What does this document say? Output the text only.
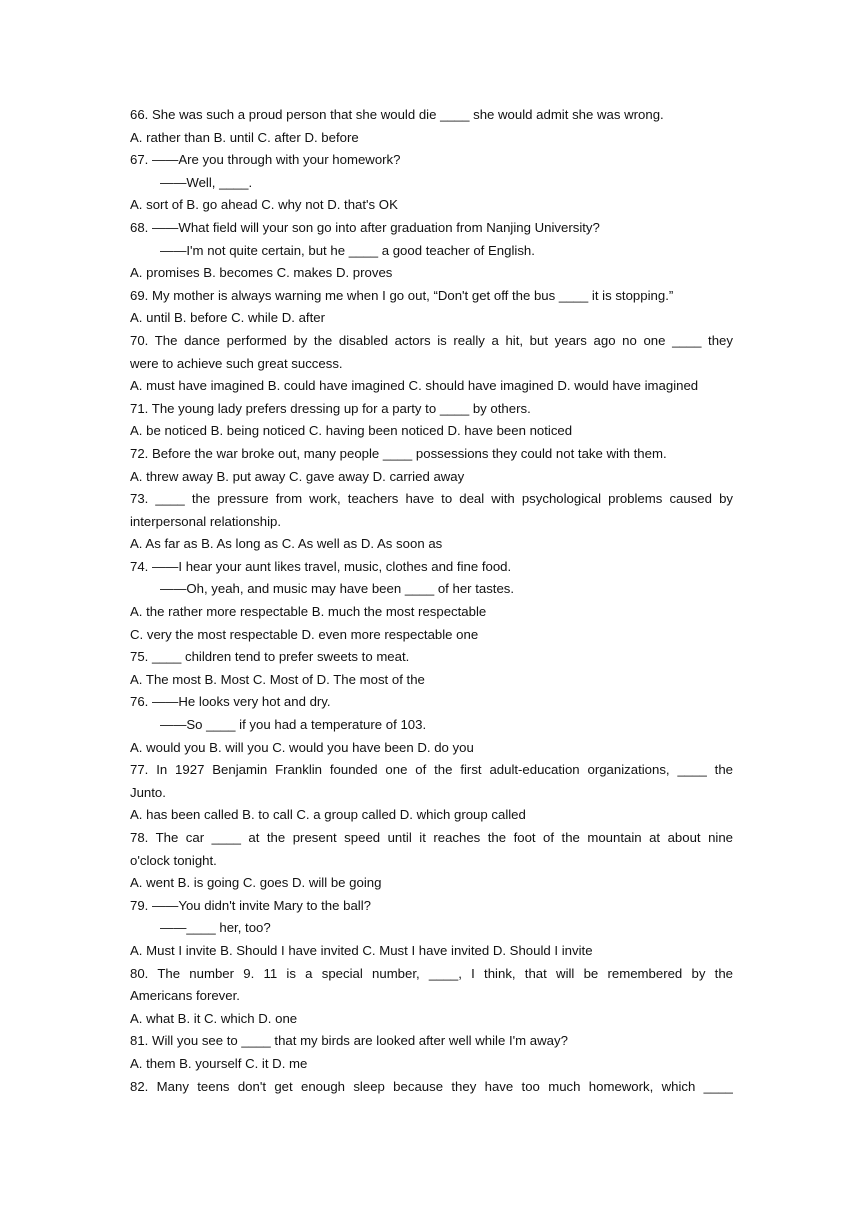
66. She was such a proud person that she would die ____ she would admit she was wrong.
A. rather than B. until C. after D. before
67. ——Are you through with your homework?
——Well, ____.
A. sort of B. go ahead C. why not D. that's OK
68. ——What field will your son go into after graduation from Nanjing University?
——I'm not quite certain, but he ____ a good teacher of English.
A. promises B. becomes C. makes D. proves
69. My mother is always warning me when I go out, “Don't get off the bus ____ it is stopping.”
A. until B. before C. while D. after
70. The dance performed by the disabled actors is really a hit, but years ago no one ____ they
were to achieve such great success.
A. must have imagined B. could have imagined C. should have imagined D. would have imagined
71. The young lady prefers dressing up for a party to ____ by others.
A. be noticed B. being noticed C. having been noticed D. have been noticed
72. Before the war broke out, many people ____ possessions they could not take with them.
A. threw away B. put away C. gave away D. carried away
73. ____ the pressure from work, teachers have to deal with psychological problems caused by
interpersonal relationship.
A. As far as B. As long as C. As well as D. As soon as
74. ——I hear your aunt likes travel, music, clothes and fine food.
——Oh, yeah, and music may have been ____ of her tastes.
A. the rather more respectable B. much the most respectable
C. very the most respectable D. even more respectable one
75. ____ children tend to prefer sweets to meat.
A. The most B. Most C. Most of D. The most of the
76. ——He looks very hot and dry.
——So ____ if you had a temperature of 103.
A. would you B. will you C. would you have been D. do you
77. In 1927 Benjamin Franklin founded one of the first adult-education organizations, ____ the
Junto.
A. has been called B. to call C. a group called D. which group called
78. The car ____ at the present speed until it reaches the foot of the mountain at about nine
o'clock tonight.
A. went B. is going C. goes D. will be going
79. ——You didn't invite Mary to the ball?
——____ her, too?
A. Must I invite B. Should I have invited C. Must I have invited D. Should I invite
80. The number 9. 11 is a special number, ____, I think, that will be remembered by the
Americans forever.
A. what B. it C. which D. one
81. Will you see to ____ that my birds are looked after well while I'm away?
A. them B. yourself C. it D. me
82. Many teens don't get enough sleep because they have too much homework, which ____
